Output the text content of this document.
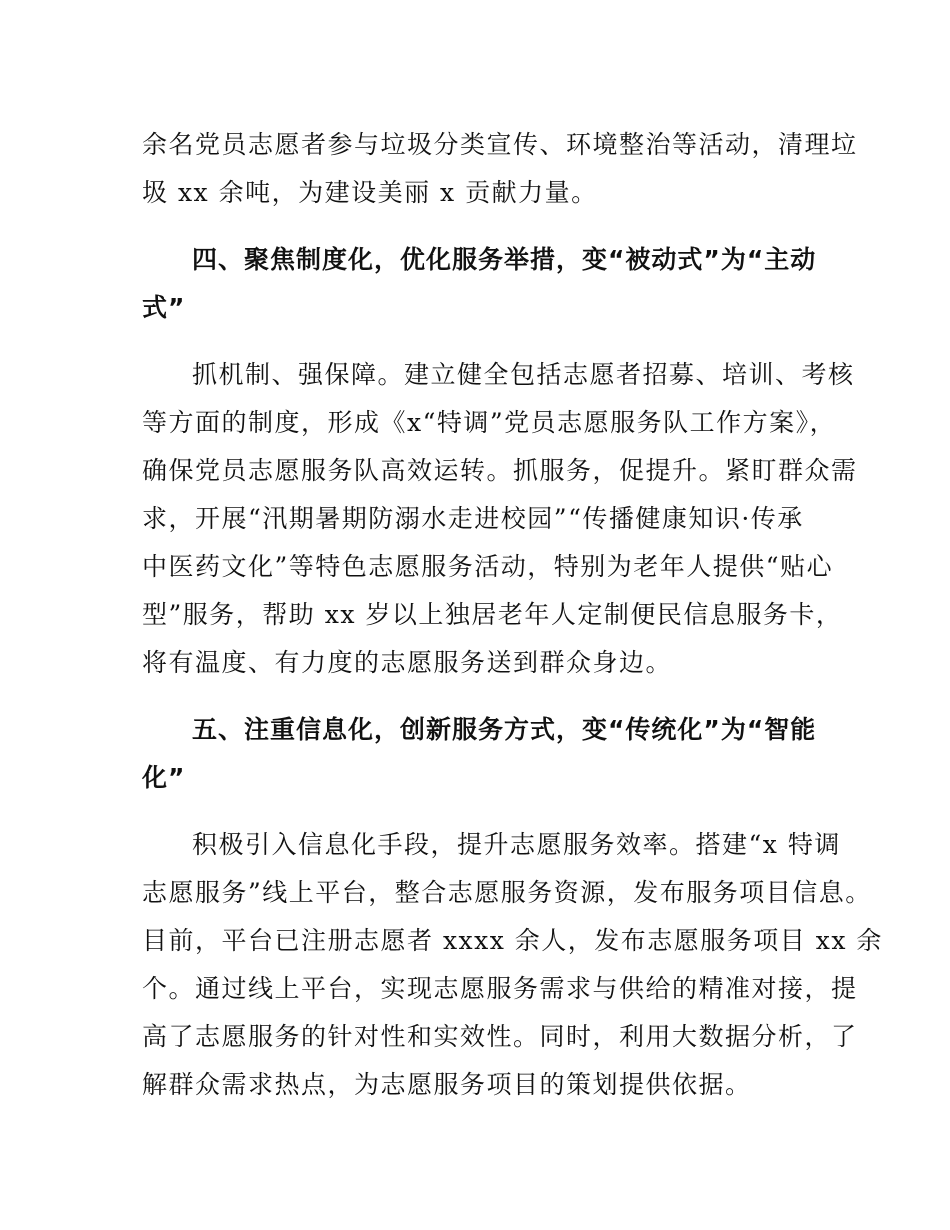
余名党员志愿者参与垃圾分类宣传、环境整治等活动，清理垃
圾 xx 余吨，为建设美丽 x 贡献力量。
四、聚焦制度化，优化服务举措，变“被动式”为“主动
式”
抓机制、强保障。建立健全包括志愿者招募、培训、考核
等方面的制度，形成《x“特调”党员志愿服务队工作方案》，
确保党员志愿服务队高效运转。抓服务，促提升。紧盯群众需
求，开展“汛期暑期防溺水走进校园”“传播健康知识·传承
中医药文化”等特色志愿服务活动，特别为老年人提供“贴心
型”服务，帮助 xx 岁以上独居老年人定制便民信息服务卡，
将有温度、有力度的志愿服务送到群众身边。
五、注重信息化，创新服务方式，变“传统化”为“智能
化”
积极引入信息化手段，提升志愿服务效率。搭建“x 特调
志愿服务”线上平台，整合志愿服务资源，发布服务项目信息。
目前，平台已注册志愿者 xxxx 余人，发布志愿服务项目 xx 余
个。通过线上平台，实现志愿服务需求与供给的精准对接，提
高了志愿服务的针对性和实效性。同时，利用大数据分析，了
解群众需求热点，为志愿服务项目的策划提供依据。
